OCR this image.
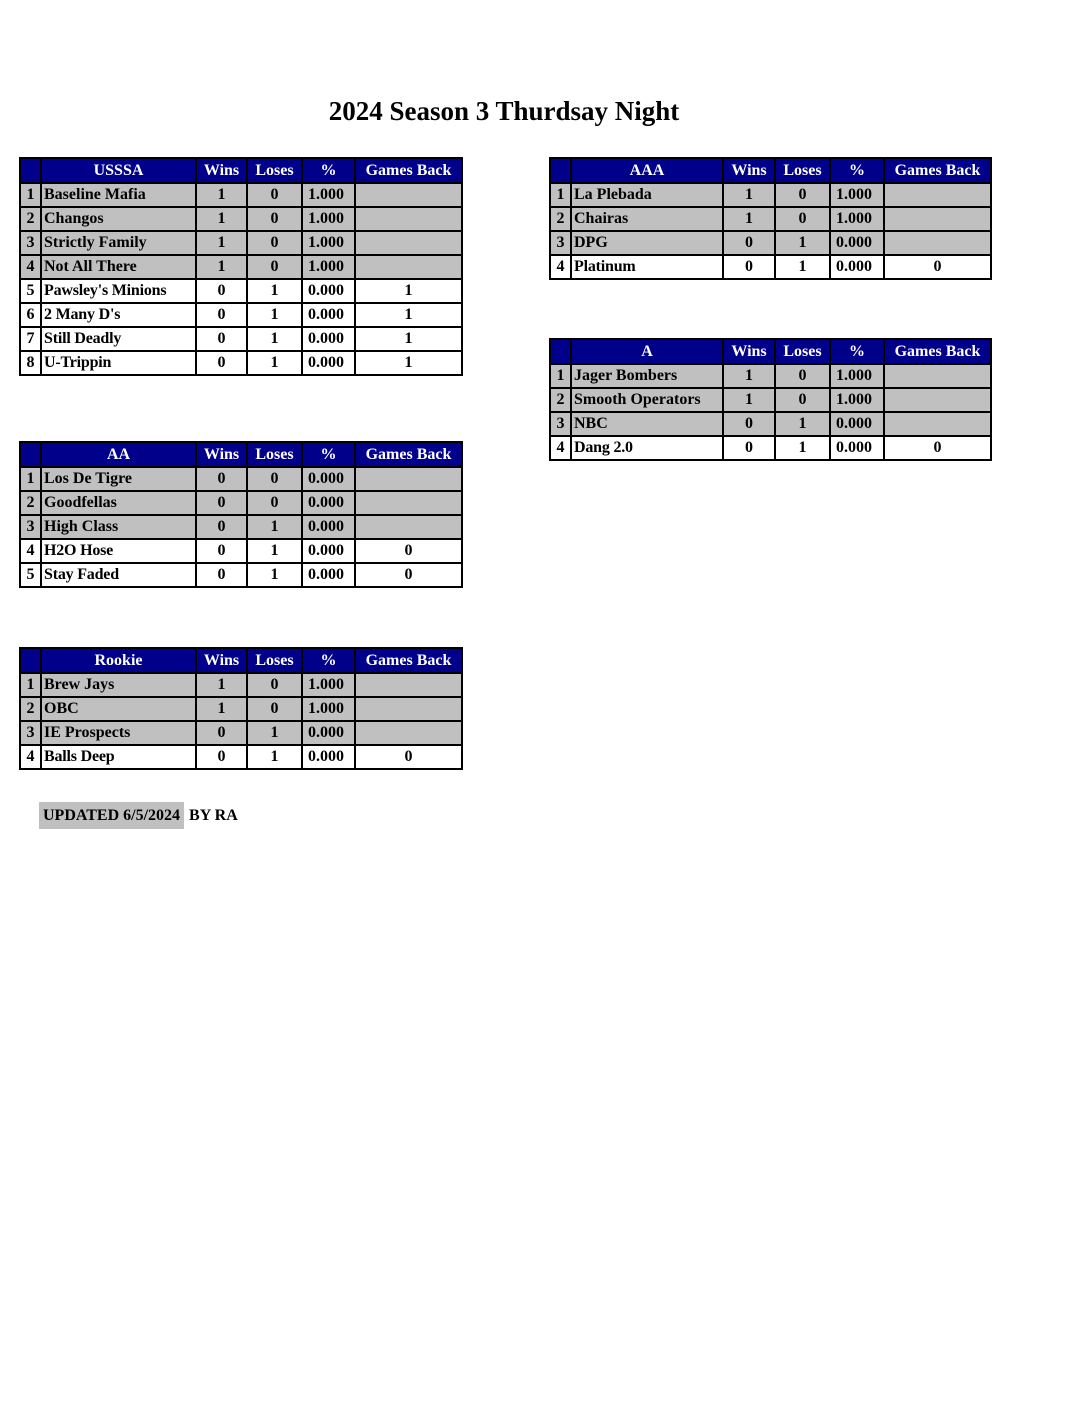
2024 Season 3 Thurdsay Night
	USSSA	Wins	Loses	%	Games Back
1	Baseline Mafia	1	0	1.000	
2	Changos	1	0	1.000	
3	Strictly Family	1	0	1.000	
4	Not All There	1	0	1.000	
5	Pawsley's Minions	0	1	0.000	1
6	2 Many D's	0	1	0.000	1
7	Still Deadly	0	1	0.000	1
8	U-Trippin	0	1	0.000	1
	AA	Wins	Loses	%	Games Back
1	Los De Tigre	0	0	0.000	
2	Goodfellas	0	0	0.000	
3	High Class	0	1	0.000	
4	H2O Hose	0	1	0.000	0
5	Stay Faded	0	1	0.000	0
	Rookie	Wins	Loses	%	Games Back
1	Brew Jays	1	0	1.000	
2	OBC	1	0	1.000	
3	IE Prospects	0	1	0.000	
4	Balls Deep	0	1	0.000	0
	AAA	Wins	Loses	%	Games Back
1	La Plebada	1	0	1.000	
2	Chairas	1	0	1.000	
3	DPG	0	1	0.000	
4	Platinum	0	1	0.000	0
	A	Wins	Loses	%	Games Back
1	Jager Bombers	1	0	1.000	
2	Smooth Operators	1	0	1.000	
3	NBC	0	1	0.000	
4	Dang 2.0	0	1	0.000	0
UPDATED 6/5/2024 BY RA
